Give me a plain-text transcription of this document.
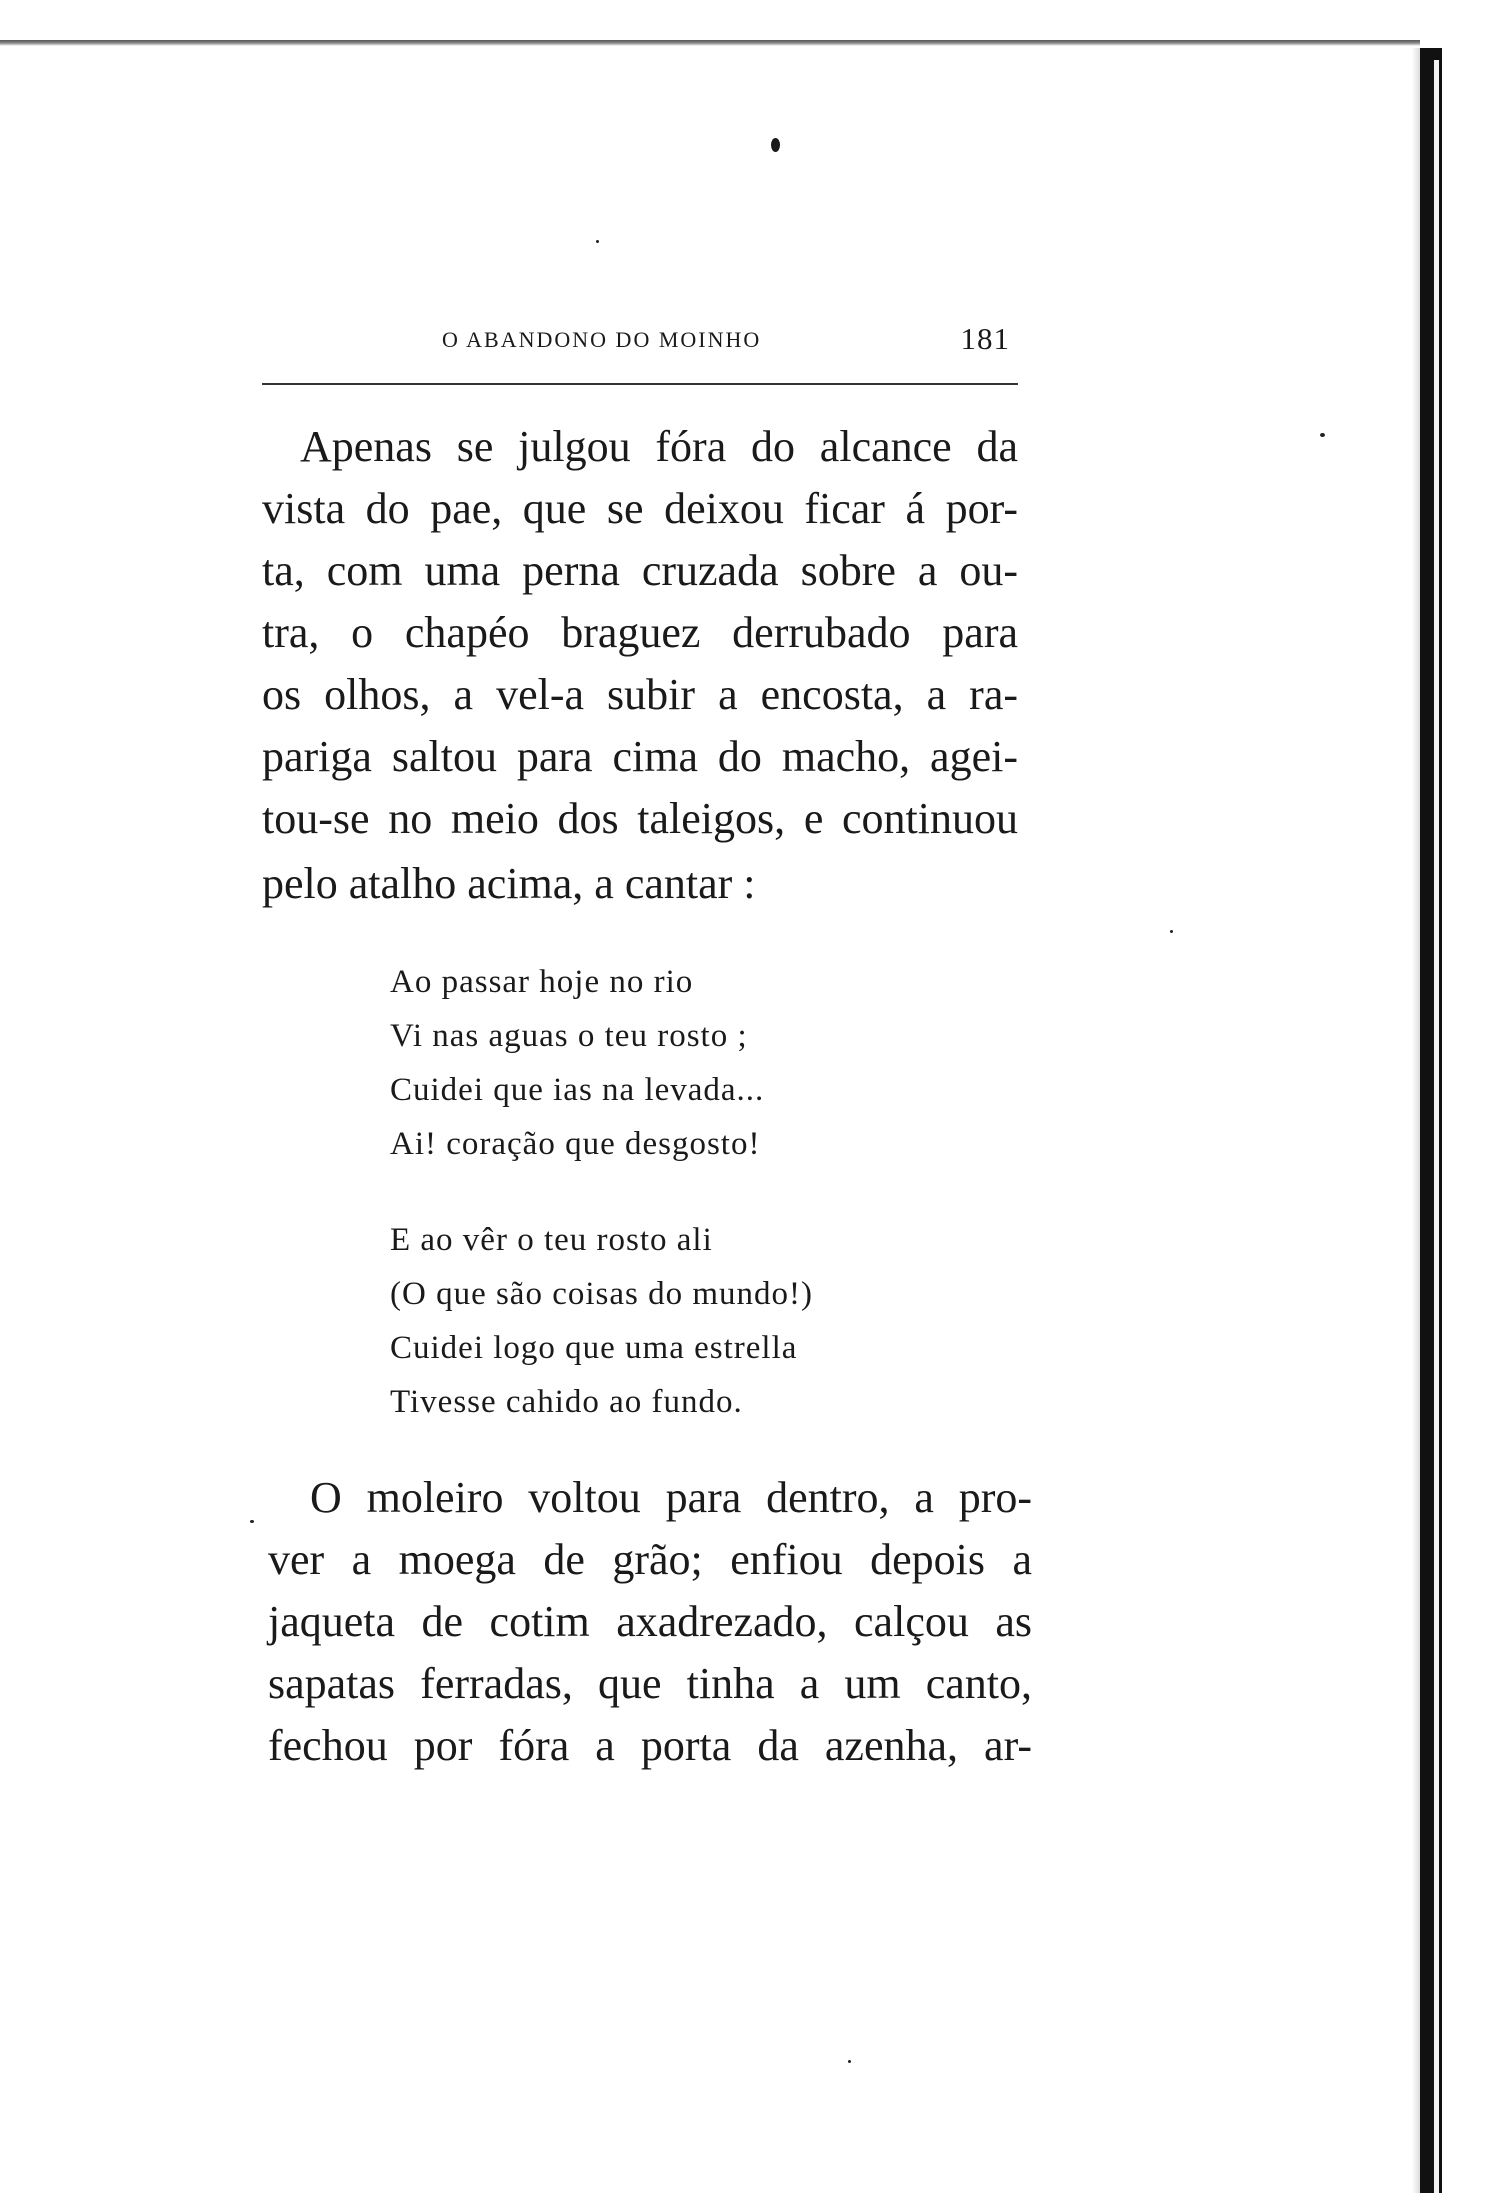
O ABANDONO DO MOINHO	181
Apenas se julgou fóra do alcance da
vista do pae, que se deixou ficar á por-
ta, com uma perna cruzada sobre a ou-
tra, o chapéo braguez derrubado para
os olhos, a vel-a subir a encosta, a ra-
pariga saltou para cima do macho, agei-
tou-se no meio dos taleigos, e continuou
pelo atalho acima, a cantar :
Ao passar hoje no rio
Vi nas aguas o teu rosto ;
Cuidei que ias na levada...
Ai! coração que desgosto!
E ao vêr o teu rosto ali
(O que são coisas do mundo!)
Cuidei logo que uma estrella
Tivesse cahido ao fundo.
O moleiro voltou para dentro, a pro-
ver a moega de grão; enfiou depois a
jaqueta de cotim axadrezado, calçou as
sapatas ferradas, que tinha a um canto,
fechou por fóra a porta da azenha, ar-
